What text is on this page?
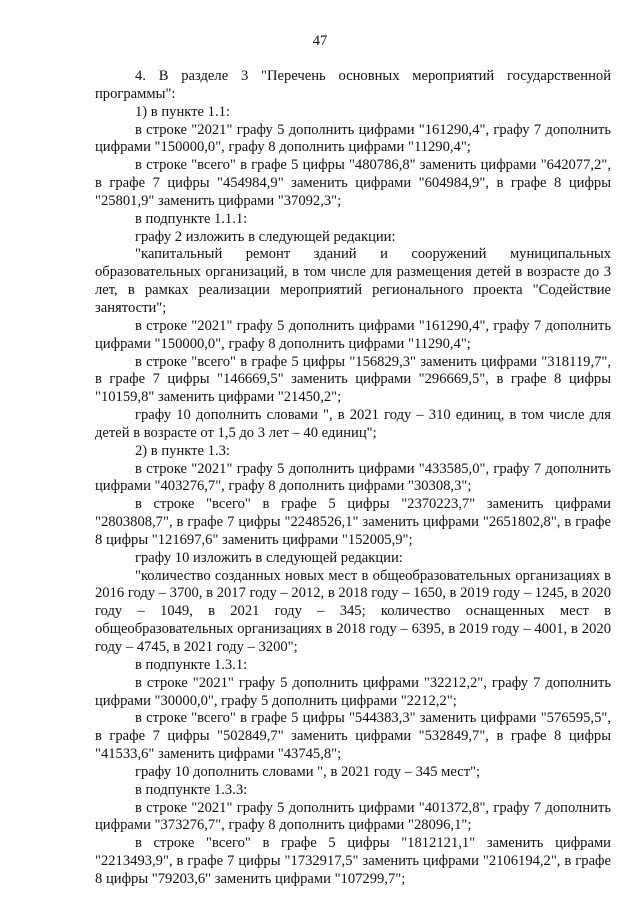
47

4. В разделе 3 "Перечень основных мероприятий государственной программы":

1) в пункте 1.1:

в строке "2021" графу 5 дополнить цифрами "161290,4", графу 7 дополнить цифрами "150000,0", графу 8 дополнить цифрами "11290,4";

в строке "всего" в графе 5 цифры "480786,8" заменить цифрами "642077,2", в графе 7 цифры "454984,9" заменить цифрами "604984,9", в графе 8 цифры "25801,9" заменить цифрами "37092,3";

в подпункте 1.1.1:

графу 2 изложить в следующей редакции:

"капитальный ремонт зданий и сооружений муниципальных образовательных организаций, в том числе для размещения детей в возрасте до 3 лет, в рамках реализации мероприятий регионального проекта "Содействие занятости";

в строке "2021" графу 5 дополнить цифрами "161290,4", графу 7 дополнить цифрами "150000,0", графу 8 дополнить цифрами "11290,4";

в строке "всего" в графе 5 цифры "156829,3" заменить цифрами "318119,7", в графе 7 цифры "146669,5" заменить цифрами "296669,5", в графе 8 цифры "10159,8" заменить цифрами "21450,2";

графу 10 дополнить словами ", в 2021 году – 310 единиц, в том числе для детей в возрасте от 1,5 до 3 лет – 40 единиц";

2) в пункте 1.3:

в строке "2021" графу 5 дополнить цифрами "433585,0", графу 7 дополнить цифрами "403276,7", графу 8 дополнить цифрами "30308,3";

в строке "всего" в графе 5 цифры "2370223,7" заменить цифрами "2803808,7", в графе 7 цифры "2248526,1" заменить цифрами "2651802,8", в графе 8 цифры "121697,6" заменить цифрами "152005,9";

графу 10 изложить в следующей редакции:

"количество созданных новых мест в общеобразовательных организациях в 2016 году – 3700, в 2017 году – 2012, в 2018 году – 1650, в 2019 году – 1245, в 2020 году – 1049, в 2021 году – 345; количество оснащенных мест в общеобразовательных организациях в 2018 году – 6395, в 2019 году – 4001, в 2020 году – 4745, в 2021 году – 3200";

в подпункте 1.3.1:

в строке "2021" графу 5 дополнить цифрами "32212,2", графу 7 дополнить цифрами "30000,0", графу 5 дополнить цифрами "2212,2";

в строке "всего" в графе 5 цифры "544383,3" заменить цифрами "576595,5", в графе 7 цифры "502849,7" заменить цифрами "532849,7", в графе 8 цифры "41533,6" заменить цифрами "43745,8";

графу 10 дополнить словами ", в 2021 году – 345 мест";

в подпункте 1.3.3:

в строке "2021" графу 5 дополнить цифрами "401372,8", графу 7 дополнить цифрами "373276,7", графу 8 дополнить цифрами "28096,1";

в строке "всего" в графе 5 цифры "1812121,1" заменить цифрами "2213493,9", в графе 7 цифры "1732917,5" заменить цифрами "2106194,2", в графе 8 цифры "79203,6" заменить цифрами "107299,7";
